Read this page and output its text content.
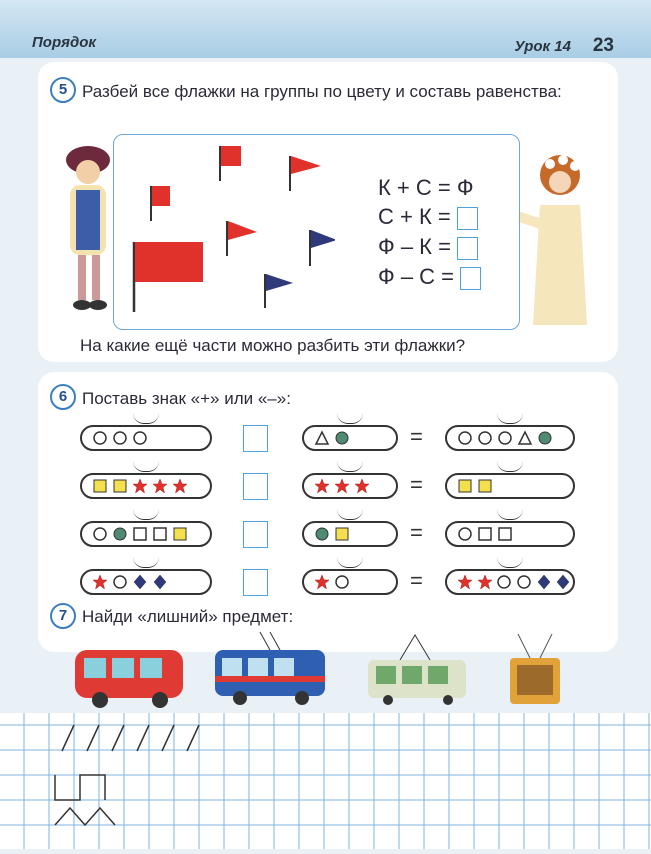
Порядок	Урок 14 23
5 Разбей все флажки на группы по цвету и составь равенства:
К + С = Ф
С + К =
Ф – К =
Ф – С =
На какие ещё части можно разбить эти флажки?
6 Поставь знак «+» или «–»:
=
=
=
=
7 Найди «лишний» предмет:
